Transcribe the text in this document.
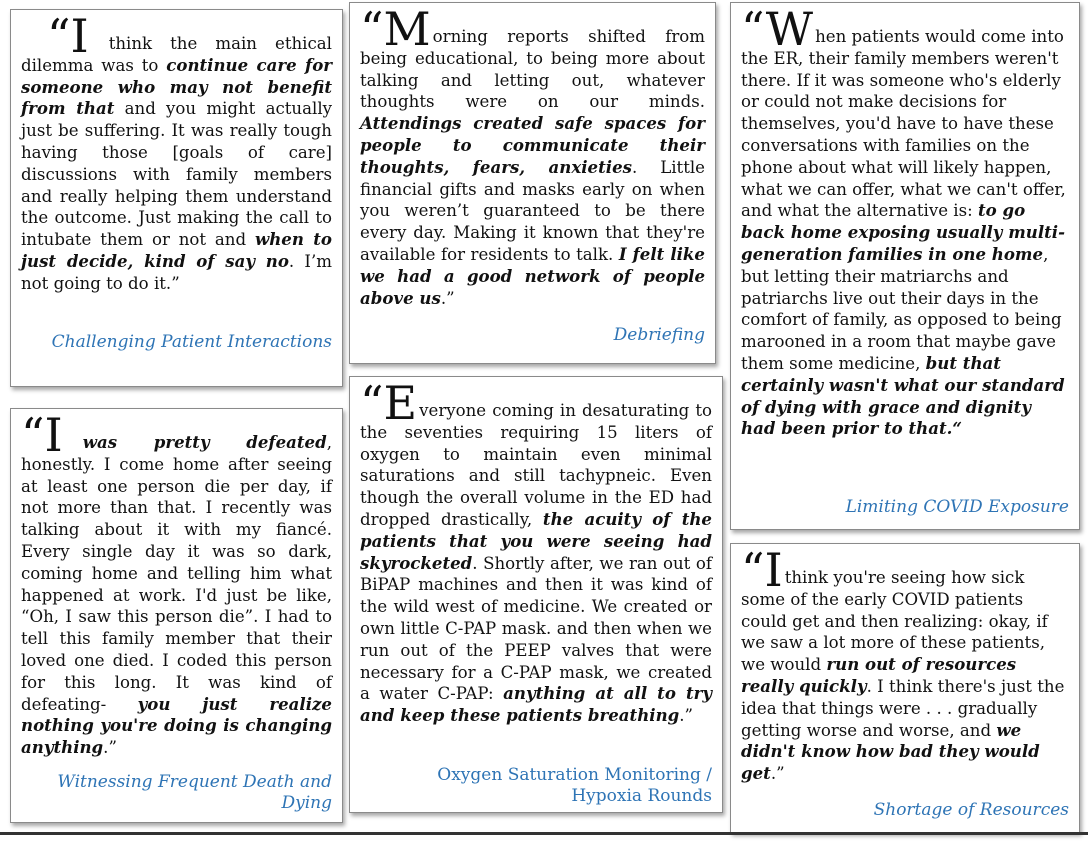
“I think the main ethical dilemma was to continue care for someone who may not benefit from that and you might actually just be suffering. It was really tough having those [goals of care] discussions with family members and really helping them understand the outcome. Just making the call to intubate them or not and when to just decide, kind of say no. I’m not going to do it.”

Challenging Patient Interactions

“M orning reports shifted from being educational, to being more about talking and letting out, whatever thoughts were on our minds. Attendings created safe spaces for people to communicate their thoughts, fears, anxieties. Little financial gifts and masks early on when you weren’t guaranteed to be there every day. Making it known that they're available for residents to talk. I felt like we had a good network of people above us.”

Debriefing

“W hen patients would come into the ER, their family members weren't there. If it was someone who's elderly or could not make decisions for themselves, you'd have to have these conversations with families on the phone about what will likely happen, what we can offer, what we can't offer, and what the alternative is: to go back home exposing usually multi-generation families in one home, but letting their matriarchs and patriarchs live out their days in the comfort of family, as opposed to being marooned in a room that maybe gave them some medicine, but that certainly wasn't what our standard of dying with grace and dignity had been prior to that.“

Limiting COVID Exposure

“I was pretty defeated, honestly. I come home after seeing at least one person die per day, if not more than that. I recently was talking about it with my fiancé. Every single day it was so dark, coming home and telling him what happened at work. I'd just be like, “Oh, I saw this person die”. I had to tell this family member that their loved one died. I coded this person for this long. It was kind of defeating- you just realize nothing you're doing is changing anything.”

Witnessing Frequent Death and Dying

“E veryone coming in desaturating to the seventies requiring 15 liters of oxygen to maintain even minimal saturations and still tachypneic. Even though the overall volume in the ED had dropped drastically, the acuity of the patients that you were seeing had skyrocketed. Shortly after, we ran out of BiPAP machines and then it was kind of the wild west of medicine. We created or own little C-PAP mask. and then when we run out of the PEEP valves that were necessary for a C-PAP mask, we created a water C-PAP: anything at all to try and keep these patients breathing.”

Oxygen Saturation Monitoring / Hypoxia Rounds

“I think you're seeing how sick some of the early COVID patients could get and then realizing: okay, if we saw a lot more of these patients, we would run out of resources really quickly. I think there's just the idea that things were . . . gradually getting worse and worse, and we didn't know how bad they would get.”

Shortage of Resources
